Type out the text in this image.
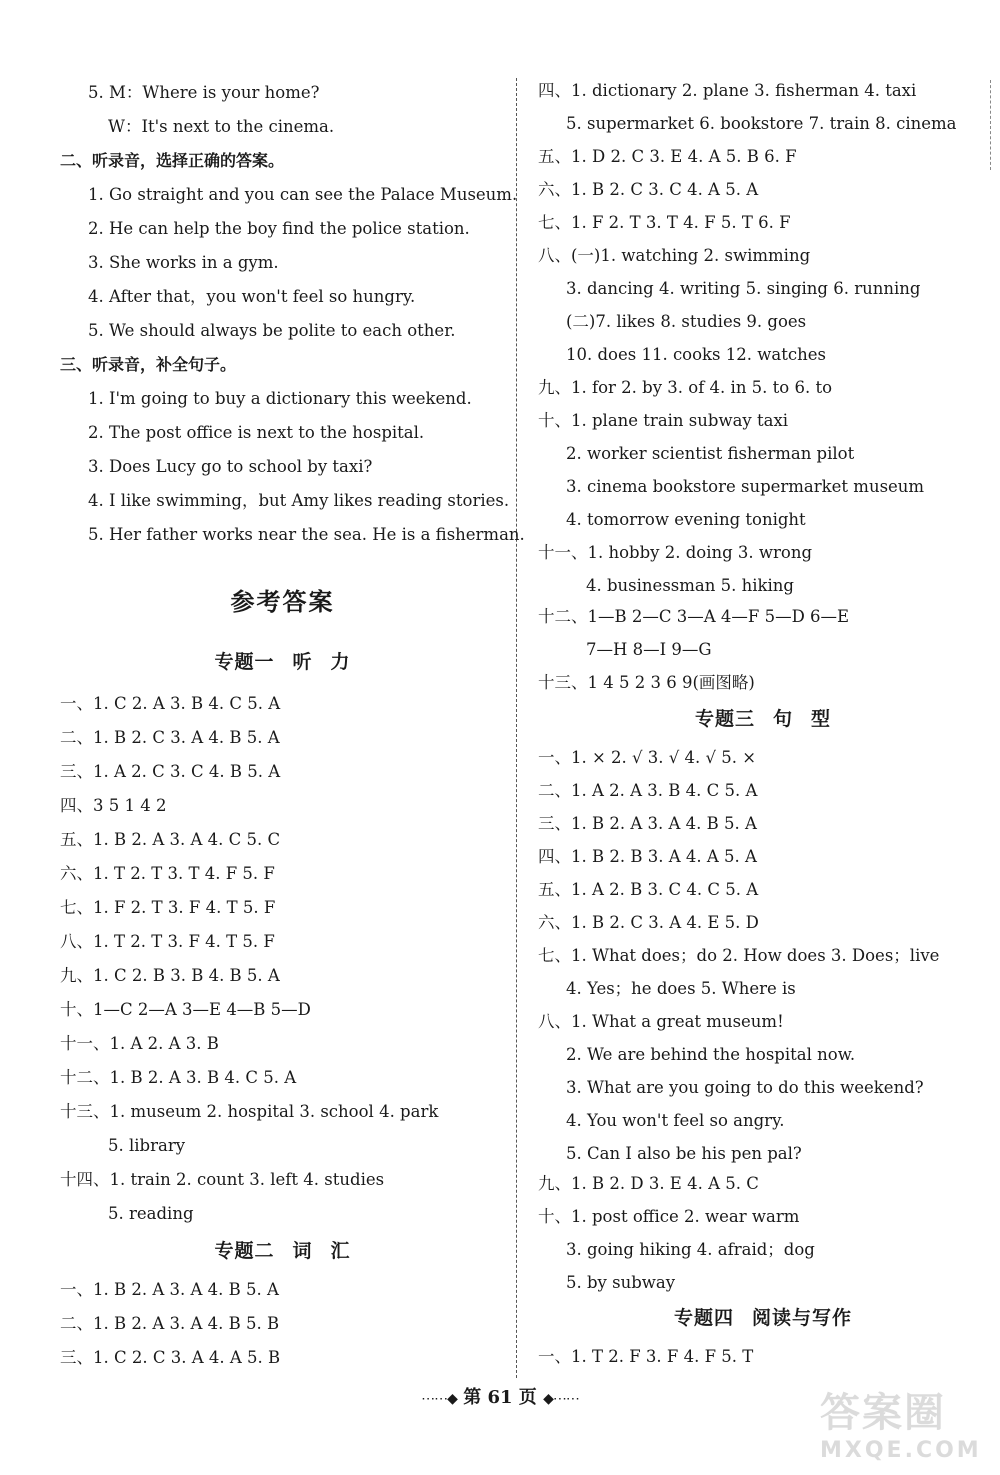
5. M：Where is your home?
W：It's next to the cinema.
二、听录音，选择正确的答案。
1. Go straight and you can see the Palace Museum.
2. He can help the boy find the police station.
3. She works in a gym.
4. After that，you won't feel so hungry.
5. We should always be polite to each other.
三、听录音，补全句子。
1. I'm going to buy a dictionary this weekend.
2. The post office is next to the hospital.
3. Does Lucy go to school by taxi?
4. I like swimming，but Amy likes reading stories.
5. Her father works near the sea. He is a fisherman.
专题一 听 力
一、1. C 2. A 3. B 4. C 5. A
二、1. B 2. C 3. A 4. B 5. A
三、1. A 2. C 3. C 4. B 5. A
四、3 5 1 4 2
五、1. B 2. A 3. A 4. C 5. C
六、1. T 2. T 3. T 4. F 5. F
七、1. F 2. T 3. F 4. T 5. F
八、1. T 2. T 3. F 4. T 5. F
九、1. C 2. B 3. B 4. B 5. A
十、1—C 2—A 3—E 4—B 5—D
十一、1. A 2. A 3. B
十二、1. B 2. A 3. B 4. C 5. A
十三、1. museum 2. hospital 3. school 4. park
5. library
十四、1. train 2. count 3. left 4. studies
5. reading
专题二 词 汇
一、1. B 2. A 3. A 4. B 5. A
二、1. B 2. A 3. A 4. B 5. B
三、1. C 2. C 3. A 4. A 5. B
参考答案
四、1. dictionary 2. plane 3. fisherman 4. taxi
5. supermarket 6. bookstore 7. train 8. cinema
五、1. D 2. C 3. E 4. A 5. B 6. F
六、1. B 2. C 3. C 4. A 5. A
七、1. F 2. T 3. T 4. F 5. T 6. F
八、(一)1. watching 2. swimming
3. dancing 4. writing 5. singing 6. running
(二)7. likes 8. studies 9. goes
10. does 11. cooks 12. watches
九、1. for 2. by 3. of 4. in 5. to 6. to
十、1. plane train subway taxi
2. worker scientist fisherman pilot
3. cinema bookstore supermarket museum
4. tomorrow evening tonight
十一、1. hobby 2. doing 3. wrong
4. businessman 5. hiking
十二、1—B 2—C 3—A 4—F 5—D 6—E
7—H 8—I 9—G
十三、1 4 5 2 3 6 9(画图略)
专题三 句 型
一、1. × 2. √ 3. √ 4. √ 5. ×
二、1. A 2. A 3. B 4. C 5. A
三、1. B 2. A 3. A 4. B 5. A
四、1. B 2. B 3. A 4. A 5. A
五、1. A 2. B 3. C 4. C 5. A
六、1. B 2. C 3. A 4. E 5. D
七、1. What does；do 2. How does 3. Does；live
4. Yes；he does 5. Where is
八、1. What a great museum!
2. We are behind the hospital now.
3. What are you going to do this weekend?
4. You won't feel so angry.
5. Can I also be his pen pal?
九、1. B 2. D 3. E 4. A 5. C
十、1. post office 2. wear warm
3. going hiking 4. afraid；dog
5. by subway
专题四 阅读与写作
一、1. T 2. F 3. F 4. F 5. T
⋯⋯◆ 第 61 页 ◆⋯⋯	答案圈
MXQE.COM
